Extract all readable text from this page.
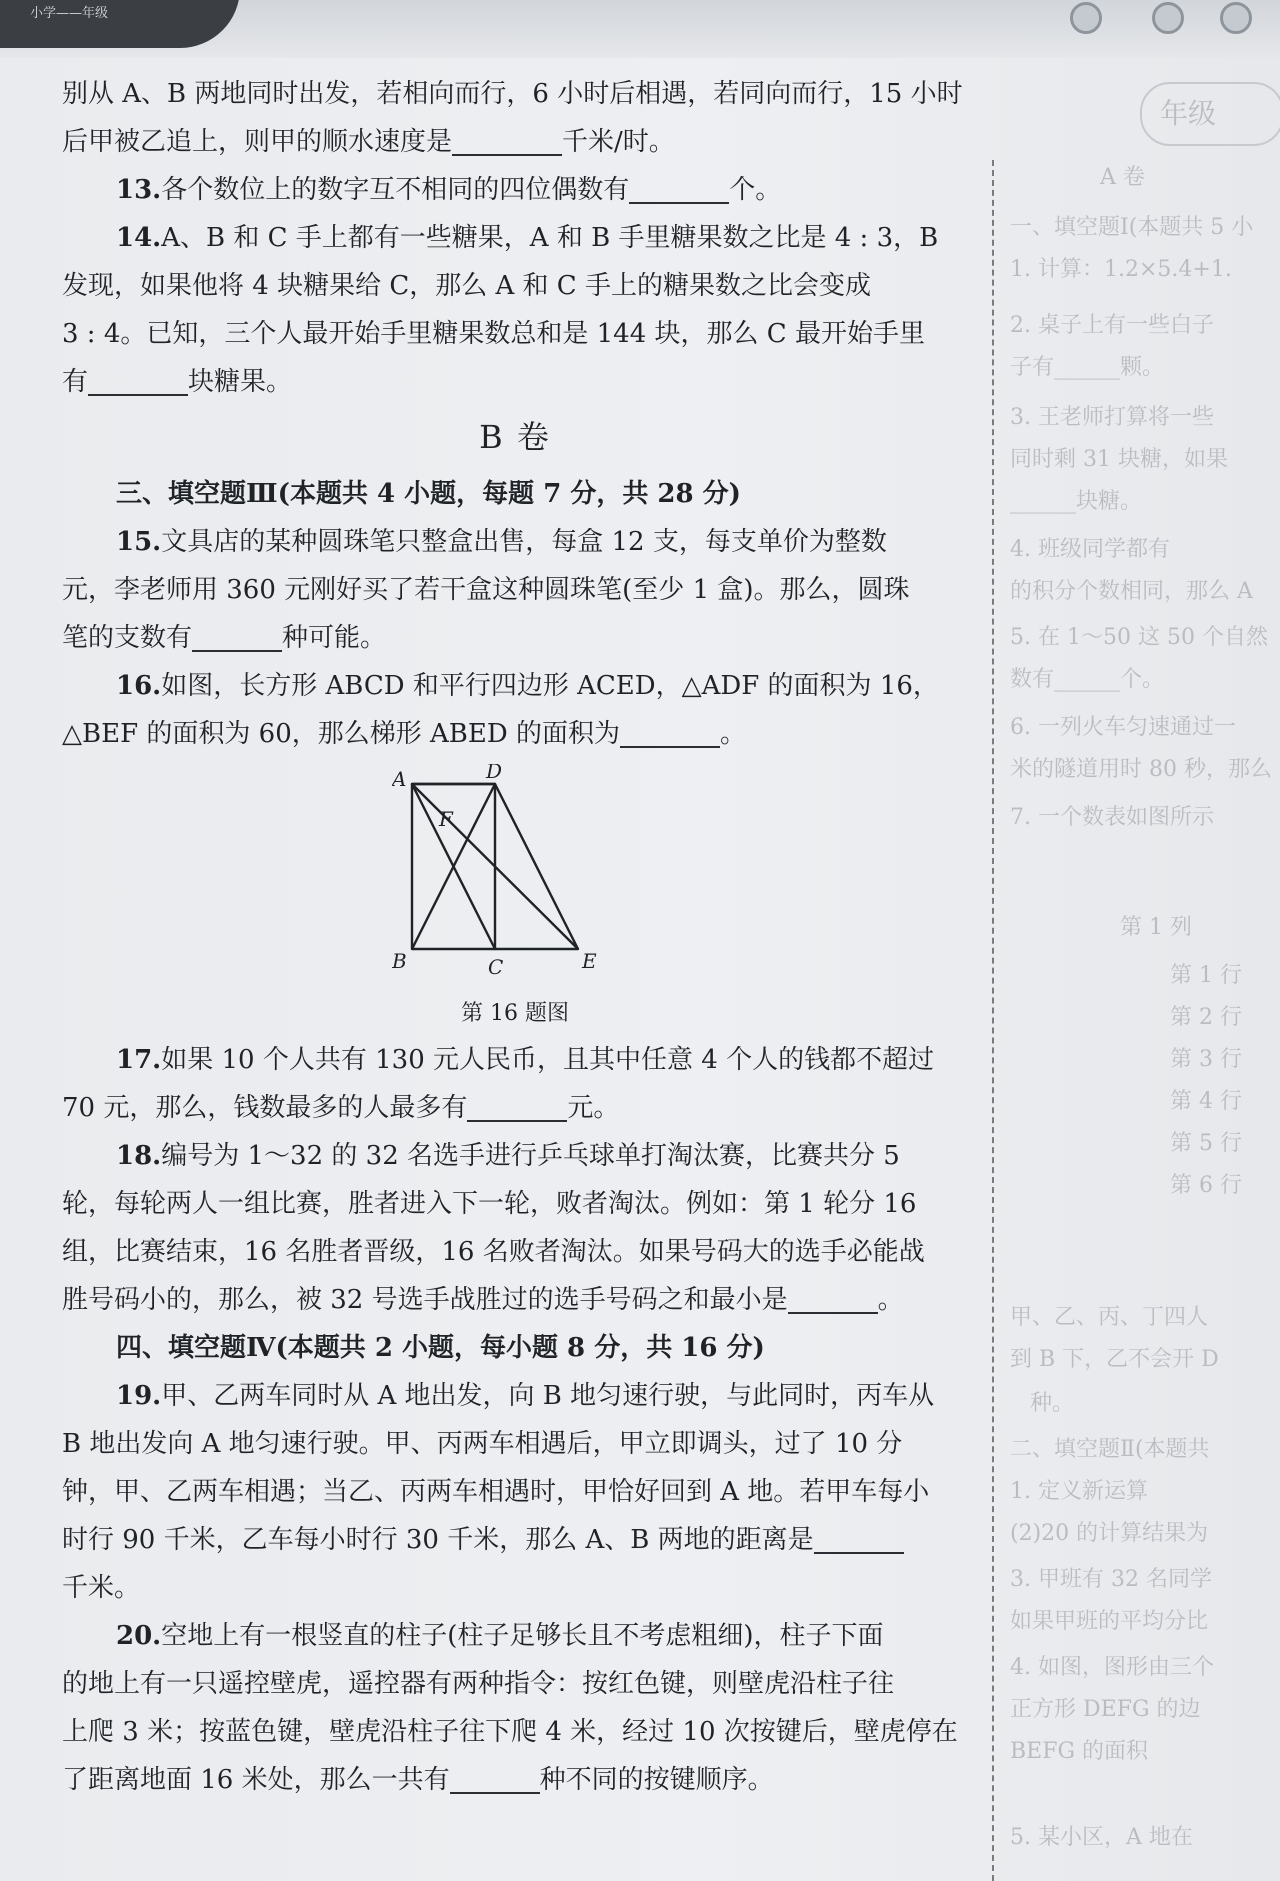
小学——年级

别从 A、B 两地同时出发，若相向而行，6 小时后相遇，若同向而行，15 小时

后甲被乙追上，则甲的顺水速度是	千米/时。

13.各个数位上的数字互不相同的四位偶数有	个。

14.A、B 和 C 手上都有一些糖果，A 和 B 手里糖果数之比是 4 : 3，B

发现，如果他将 4 块糖果给 C，那么 A 和 C 手上的糖果数之比会变成

3 : 4。已知，三个人最开始手里糖果数总和是 144 块，那么 C 最开始手里

有	块糖果。

B 卷

三、填空题Ⅲ(本题共 4 小题，每题 7 分，共 28 分)

15.文具店的某种圆珠笔只整盒出售，每盒 12 支，每支单价为整数

元，李老师用 360 元刚好买了若干盒这种圆珠笔(至少 1 盒)。那么，圆珠

笔的支数有	种可能。

16.如图，长方形 ABCD 和平行四边形 ACED，△ADF 的面积为 16，

△BEF 的面积为 60，那么梯形 ABED 的面积为	。

A	D
F
B	C	E
第 16 题图

17.如果 10 个人共有 130 元人民币，且其中任意 4 个人的钱都不超过

70 元，那么，钱数最多的人最多有	元。

18.编号为 1～32 的 32 名选手进行乒乓球单打淘汰赛，比赛共分 5

轮，每轮两人一组比赛，胜者进入下一轮，败者淘汰。例如：第 1 轮分 16

组，比赛结束，16 名胜者晋级，16 名败者淘汰。如果号码大的选手必能战

胜号码小的，那么，被 32 号选手战胜过的选手号码之和最小是	。

四、填空题Ⅳ(本题共 2 小题，每小题 8 分，共 16 分)

19.甲、乙两车同时从 A 地出发，向 B 地匀速行驶，与此同时，丙车从

B 地出发向 A 地匀速行驶。甲、丙两车相遇后，甲立即调头，过了 10 分

钟，甲、乙两车相遇；当乙、丙两车相遇时，甲恰好回到 A 地。若甲车每小

时行 90 千米，乙车每小时行 30 千米，那么 A、B 两地的距离是

千米。

20.空地上有一根竖直的柱子(柱子足够长且不考虑粗细)，柱子下面

的地上有一只遥控壁虎，遥控器有两种指令：按红色键，则壁虎沿柱子往

上爬 3 米；按蓝色键，壁虎沿柱子往下爬 4 米，经过 10 次按键后，壁虎停在

了距离地面 16 米处，那么一共有	种不同的按键顺序。

年级
A 卷
一、填空题Ⅰ(本题共 5 小
1. 计算：1.2×5.4+1.
2. 桌子上有一些白子
子有______颗。
3. 王老师打算将一些
同时剩 31 块糖，如果
______块糖。
4. 班级同学都有
的积分个数相同，那么 A
5. 在 1～50 这 50 个自然
数有______个。
6. 一列火车匀速通过一
米的隧道用时 80 秒，那么
7. 一个数表如图所示
第 1 列
第 1 行
第 2 行
第 3 行
第 4 行
第 5 行
第 6 行
甲、乙、丙、丁四人
到 B 下，乙不会开 D
种。
二、填空题Ⅱ(本题共
1. 定义新运算
(2)20 的计算结果为
3. 甲班有 32 名同学
如果甲班的平均分比
4. 如图，图形由三个
正方形 DEFG 的边
BEFG 的面积
5. 某小区，A 地在
